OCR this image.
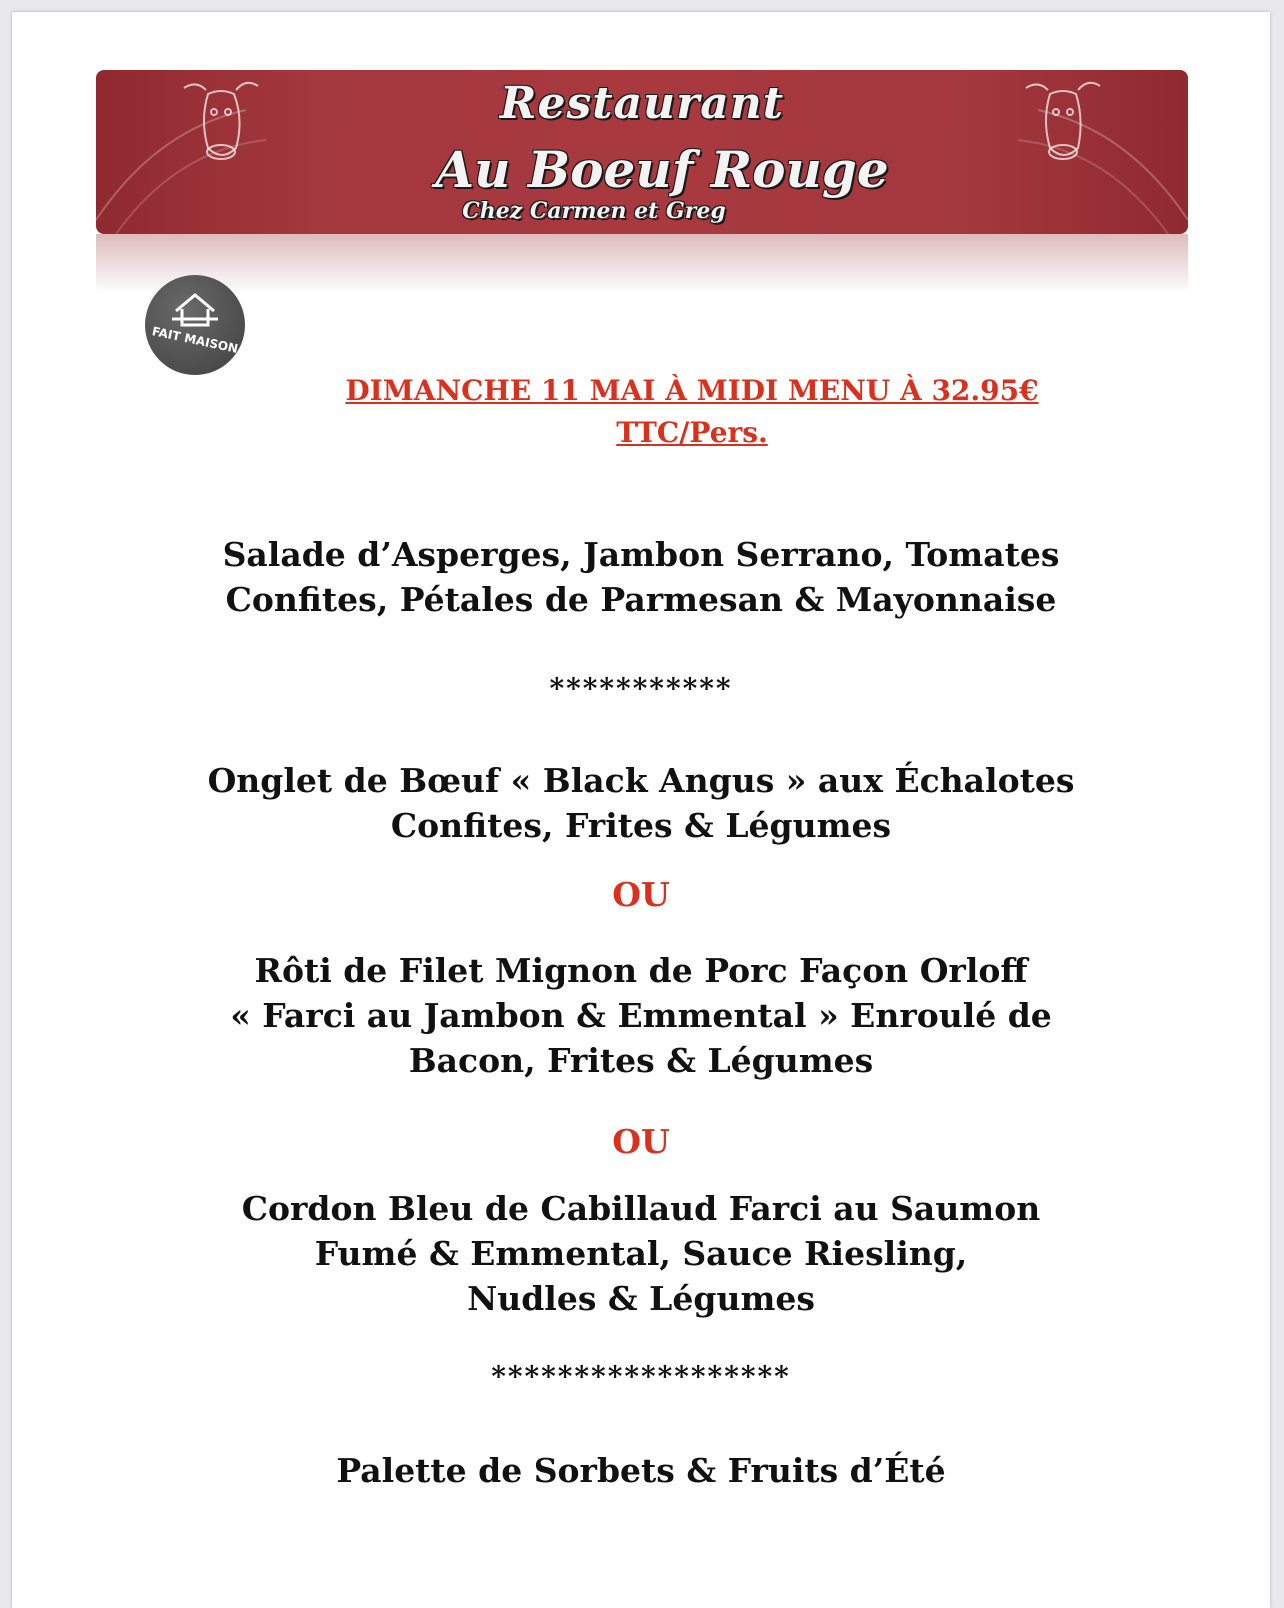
Restaurant
Au Boeuf Rouge
Chez Carmen et Greg
FAIT MAISON
DIMANCHE 11 MAI À MIDI MENU À 32.95€
TTC/Pers.
Salade d’Asperges, Jambon Serrano, Tomates
Confites, Pétales de Parmesan & Mayonnaise
***********
Onglet de Bœuf « Black Angus » aux Échalotes
Confites, Frites & Légumes
OU
Rôti de Filet Mignon de Porc Façon Orloff
« Farci au Jambon & Emmental » Enroulé de
Bacon, Frites & Légumes
OU
Cordon Bleu de Cabillaud Farci au Saumon
Fumé & Emmental, Sauce Riesling,
Nudles & Légumes
******************
Palette de Sorbets & Fruits d’Été
